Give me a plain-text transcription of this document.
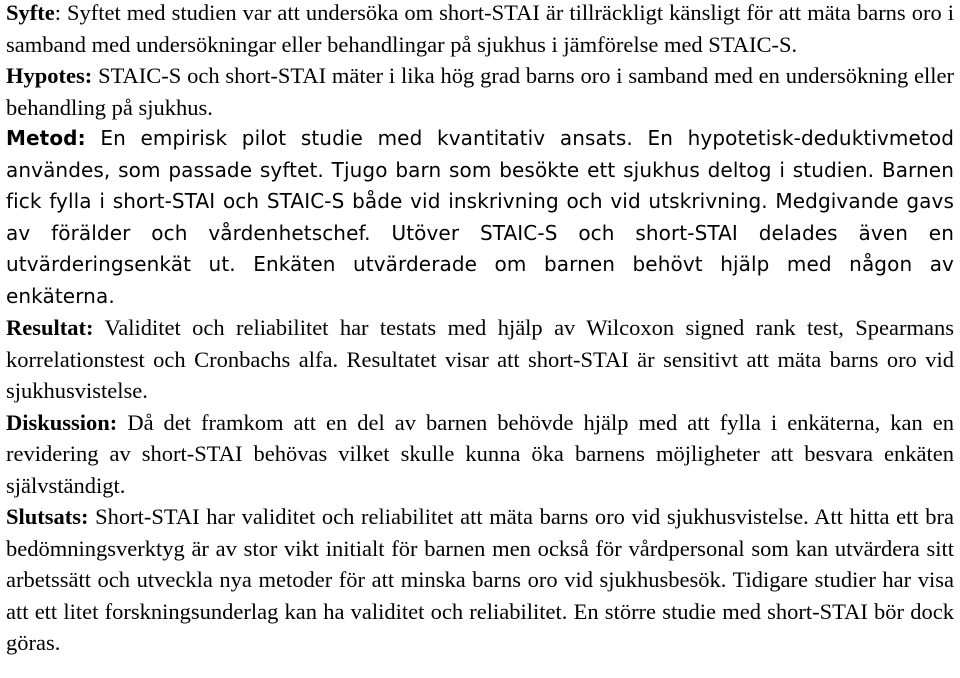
Syfte: Syftet med studien var att undersöka om short-STAI är tillräckligt känsligt för att mäta barns oro i samband med undersökningar eller behandlingar på sjukhus i jämförelse med STAIC-S.

Hypotes: STAIC-S och short-STAI mäter i lika hög grad barns oro i samband med en undersökning eller behandling på sjukhus.

Metod: En empirisk pilot studie med kvantitativ ansats. En hypotetisk-deduktivmetod användes, som passade syftet. Tjugo barn som besökte ett sjukhus deltog i studien. Barnen fick fylla i short-STAI och STAIC-S både vid inskrivning och vid utskrivning. Medgivande gavs av förälder och vårdenhetschef. Utöver STAIC-S och short-STAI delades även en utvärderingsenkät ut. Enkäten utvärderade om barnen behövt hjälp med någon av enkäterna.

Resultat: Validitet och reliabilitet har testats med hjälp av Wilcoxon signed rank test, Spearmans korrelationstest och Cronbachs alfa. Resultatet visar att short-STAI är sensitivt att mäta barns oro vid sjukhusvistelse.

Diskussion: Då det framkom att en del av barnen behövde hjälp med att fylla i enkäterna, kan en revidering av short-STAI behövas vilket skulle kunna öka barnens möjligheter att besvara enkäten självständigt.

Slutsats: Short-STAI har validitet och reliabilitet att mäta barns oro vid sjukhusvistelse. Att hitta ett bra bedömningsverktyg är av stor vikt initialt för barnen men också för vårdpersonal som kan utvärdera sitt arbetssätt och utveckla nya metoder för att minska barns oro vid sjukhusbesök. Tidigare studier har visa att ett litet forskningsunderlag kan ha validitet och reliabilitet. En större studie med short-STAI bör dock göras.
